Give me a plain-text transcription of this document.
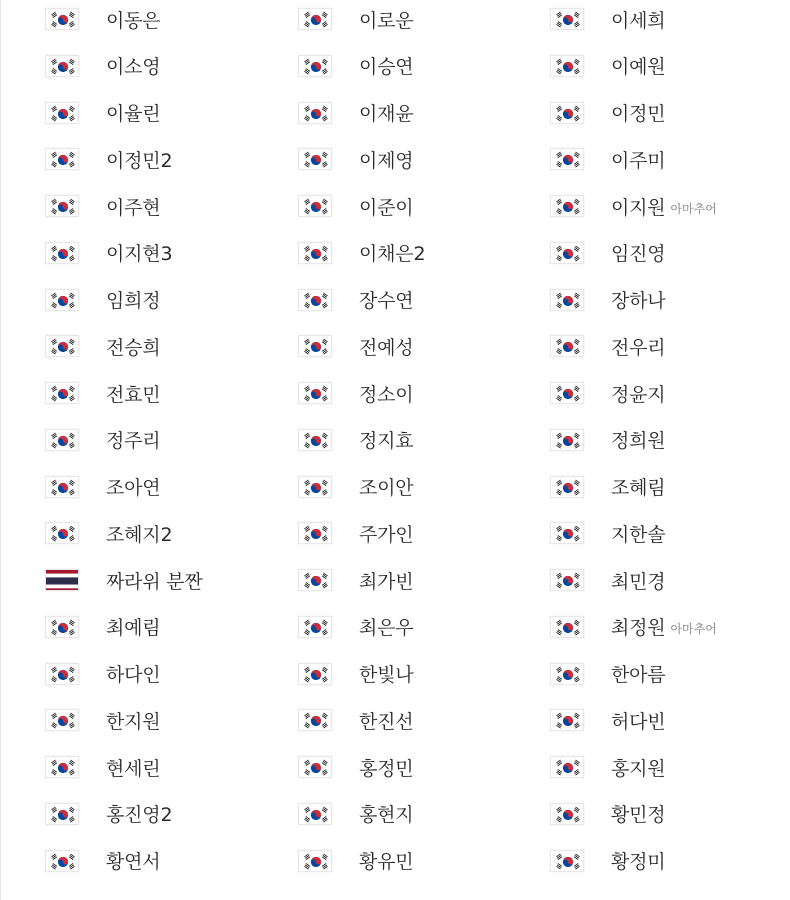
이동은	이로운	이세희
이소영	이승연	이예원
이율린	이재윤	이정민
이정민2	이제영	이주미
이주현	이준이	이지원 아마추어
이지현3	이채은2	임진영
임희정	장수연	장하나
전승희	전예성	전우리
전효민	정소이	정윤지
정주리	정지효	정희원
조아연	조이안	조혜림
조혜지2	주가인	지한솔
짜라위 분짠	최가빈	최민경
최예림	최은우	최정원 아마추어
하다인	한빛나	한아름
한지원	한진선	허다빈
현세린	홍정민	홍지원
홍진영2	홍현지	황민정
황연서	황유민	황정미
